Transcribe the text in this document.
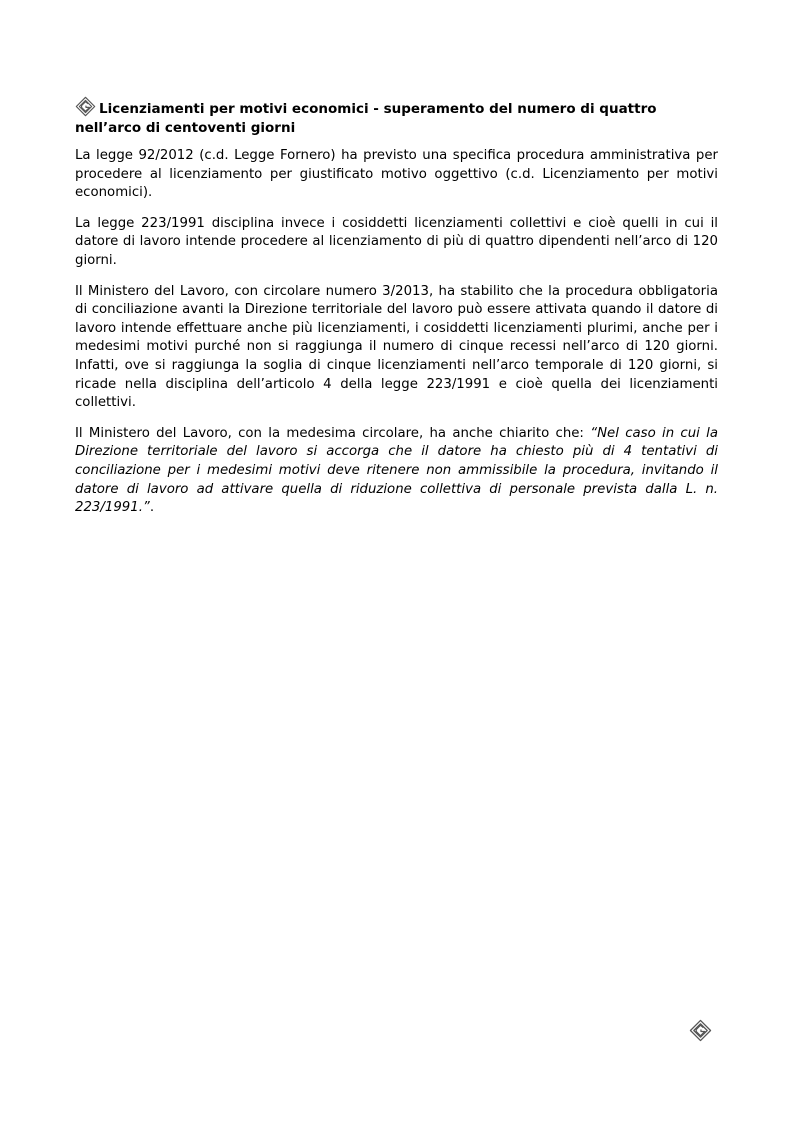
Licenziamenti per motivi economici - superamento del numero di quattro nell’arco di centoventi giorni

La legge 92/2012 (c.d. Legge Fornero) ha previsto una specifica procedura amministrativa per procedere al licenziamento per giustificato motivo oggettivo (c.d. Licenziamento per motivi economici).

La legge 223/1991 disciplina invece i cosiddetti licenziamenti collettivi e cioè quelli in cui il datore di lavoro intende procedere al licenziamento di più di quattro dipendenti nell’arco di 120 giorni.

Il Ministero del Lavoro, con circolare numero 3/2013, ha stabilito che la procedura obbligatoria di conciliazione avanti la Direzione territoriale del lavoro può essere attivata quando il datore di lavoro intende effettuare anche più licenziamenti, i cosiddetti licenziamenti plurimi, anche per i medesimi motivi purché non si raggiunga il numero di cinque recessi nell’arco di 120 giorni. Infatti, ove si raggiunga la soglia di cinque licenziamenti nell’arco temporale di 120 giorni, si ricade nella disciplina dell’articolo 4 della legge 223/1991 e cioè quella dei licenziamenti collettivi.

Il Ministero del Lavoro, con la medesima circolare, ha anche chiarito che: “Nel caso in cui la Direzione territoriale del lavoro si accorga che il datore ha chiesto più di 4 tentativi di conciliazione per i medesimi motivi deve ritenere non ammissibile la procedura, invitando il datore di lavoro ad attivare quella di riduzione collettiva di personale prevista dalla L. n. 223/1991.”.
